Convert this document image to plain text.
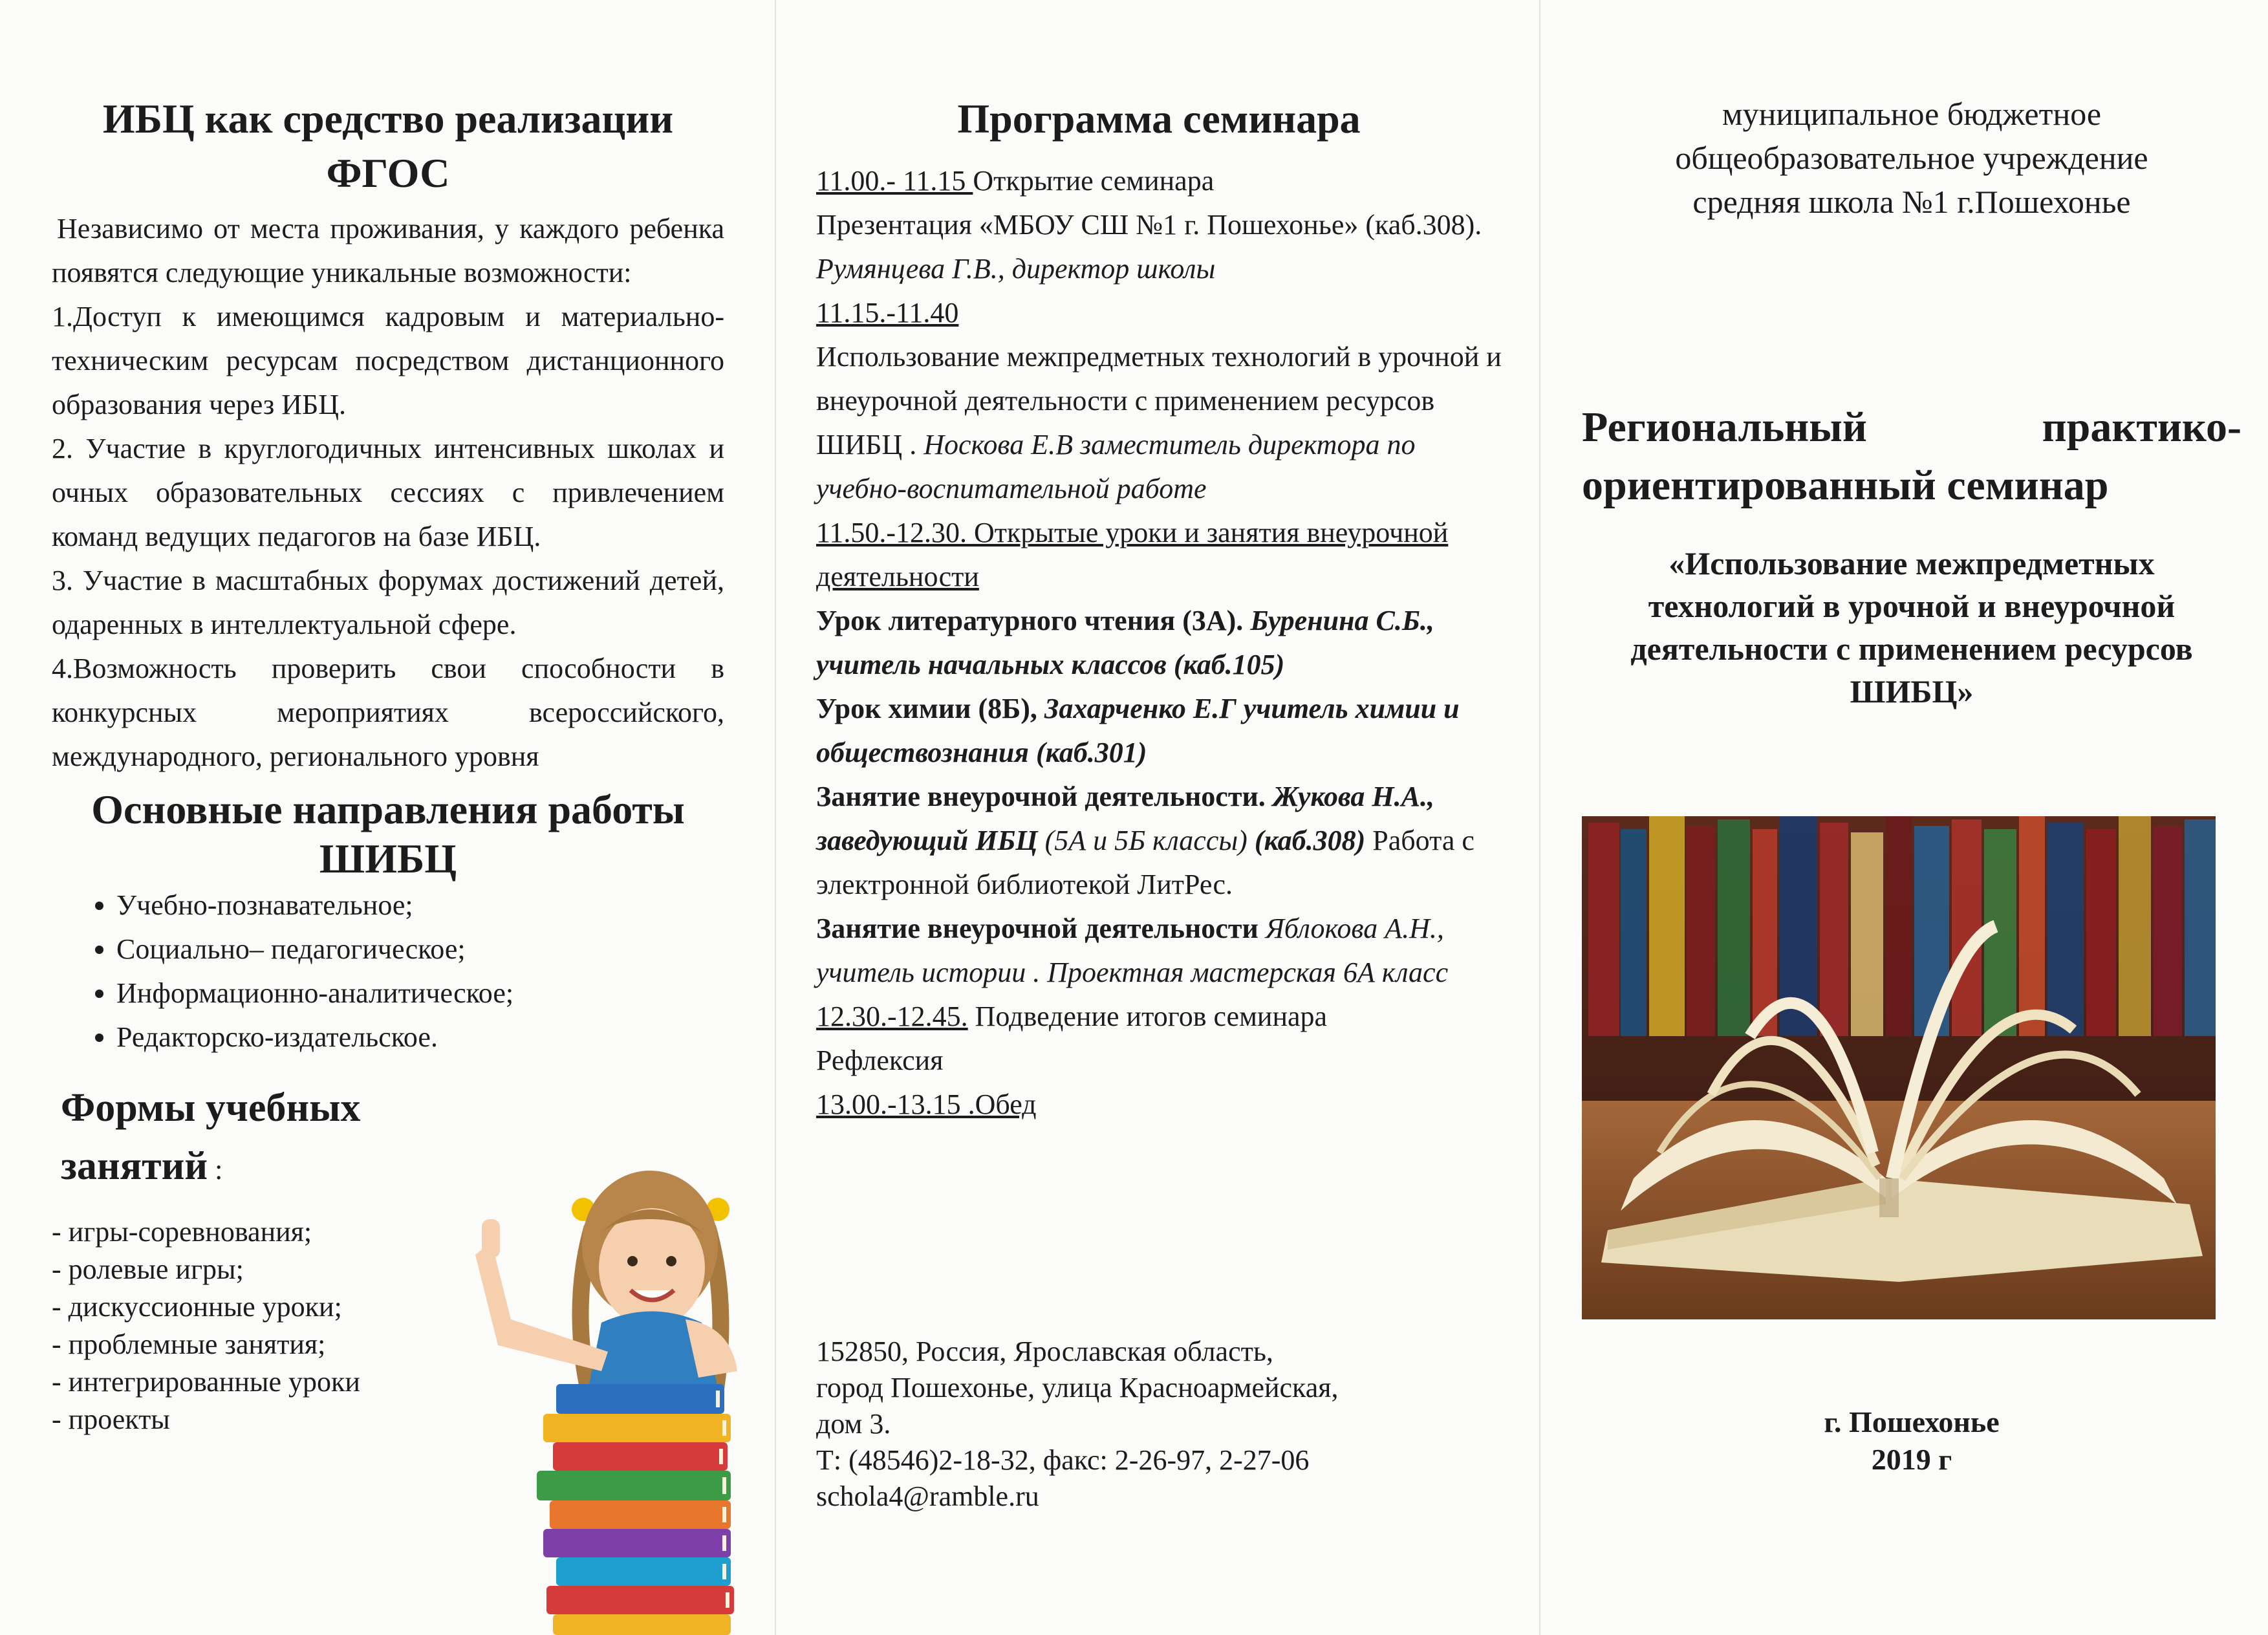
ИБЦ как средство реализации ФГОС

Независимо от места проживания, у каждого ребенка появятся следующие уникальные возможности:

1.Доступ к имеющимся кадровым и материально-техническим ресурсам посредством дистанционного образования через ИБЦ.

2. Участие в круглогодичных интенсивных школах и очных образовательных сессиях с привлечением команд ведущих педагогов на базе ИБЦ.

3. Участие в масштабных форумах достижений детей, одаренных в интеллектуальной сфере.

4.Возможность проверить свои способности в конкурсных мероприятиях всероссийского, международного, регионального уровня

Основные направления работы ШИБЦ
• Учебно-познавательное;
• Социально– педагогическое;
• Информационно-аналитическое;
• Редакторско-издательское.
Формы учебных
занятий :
- игры-соревнования;
- ролевые игры;
- дискуссионные уроки;
- проблемные занятия;
- интегрированные уроки
- проекты
Программа семинара

11.00.- 11.15 Открытие семинара

Презентация «МБОУ СШ №1 г. Пошехонье» (каб.308). Румянцева Г.В., директор школы

11.15.-11.40

Использование межпредметных технологий в урочной и внеурочной деятельности с применением ресурсов ШИБЦ . Носкова Е.В заместитель директора по учебно-воспитательной работе

11.50.-12.30. Открытые уроки и занятия внеурочной деятельности

Урок литературного чтения (3А). Буренина С.Б., учитель начальных классов (каб.105)

Урок химии (8Б), Захарченко Е.Г учитель химии и обществознания (каб.301)

Занятие внеурочной деятельности. Жукова Н.А., заведующий ИБЦ (5А и 5Б классы) (каб.308) Работа с электронной библиотекой ЛитРес.

Занятие внеурочной деятельности Яблокова А.Н., учитель истории . Проектная мастерская 6А класс

12.30.-12.45. Подведение итогов семинара

Рефлексия

13.00.-13.15 .Обед

152850, Россия, Ярославская область,

город Пошехонье, улица Красноармейская,

дом 3.

Т: (48546)2-18-32, факс: 2-26-97, 2-27-06

schola4@ramble.ru

муниципальное бюджетное

общеобразовательное учреждение

средняя школа №1 г.Пошехонье

Региональный	практико-
ориентированный семинар

«Использование межпредметных технологий в урочной и внеурочной деятельности с применением ресурсов ШИБЦ»

г. Пошехонье

2019 г
